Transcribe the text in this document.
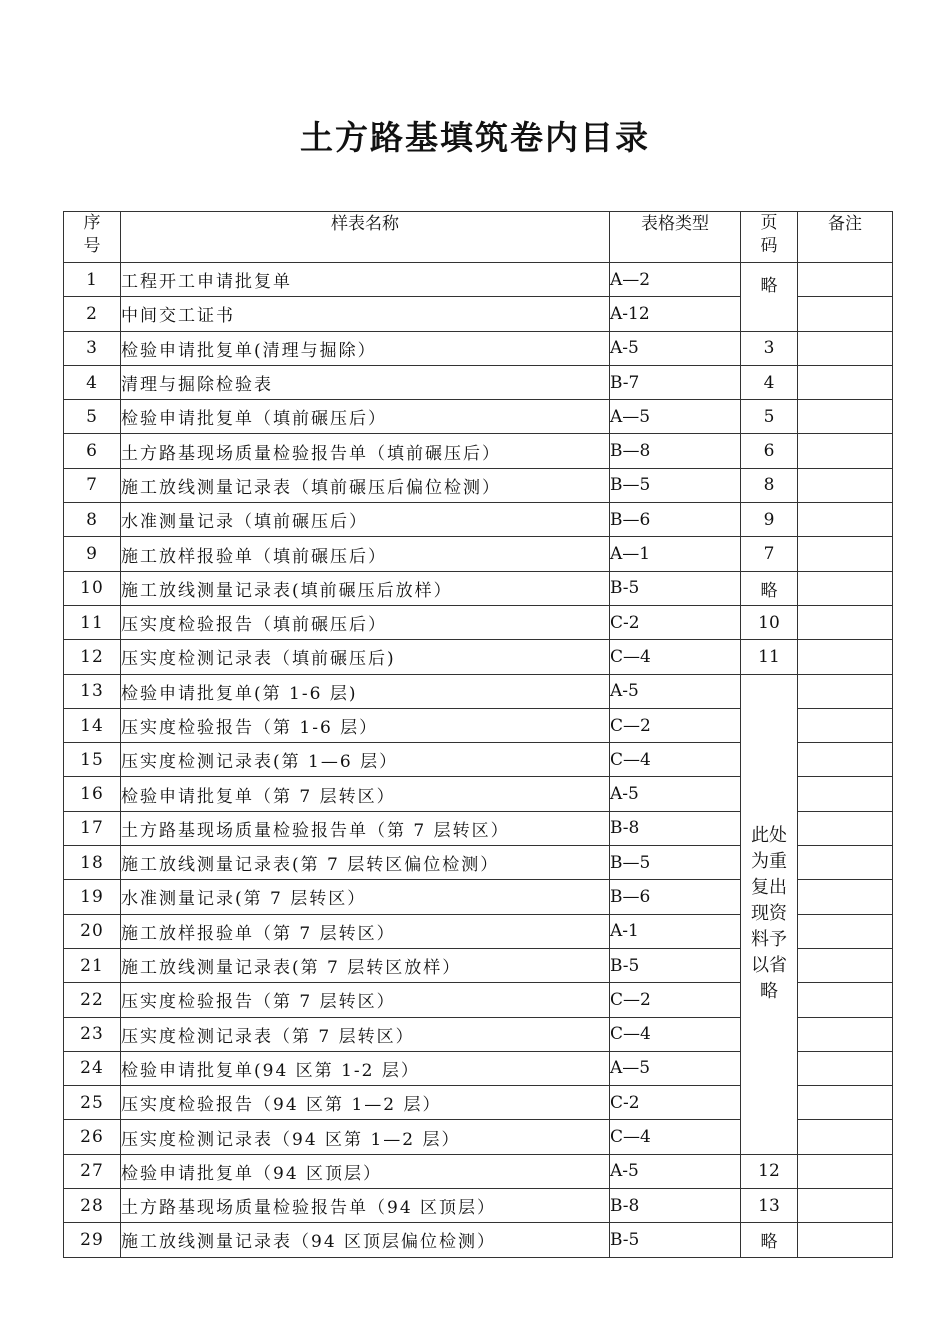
土方路基填筑卷内目录
序号	样表名称	表格类型	页码	备注
1	工程开工申请批复单	A—2	略	
2	中间交工证书	A-12		
3	检验申请批复单(清理与掘除）	A-5	3	
4	清理与掘除检验表	B-7	4	
5	检验申请批复单（填前碾压后）	A—5	5	
6	土方路基现场质量检验报告单（填前碾压后）	B—8	6	
7	施工放线测量记录表（填前碾压后偏位检测）	B—5	8	
8	水准测量记录（填前碾压后）	B—6	9	
9	施工放样报验单（填前碾压后）	A—1	7	
10	施工放线测量记录表(填前碾压后放样）	B-5	略	
11	压实度检验报告（填前碾压后）	C-2	10	
12	压实度检测记录表（填前碾压后)	C—4	11	
13	检验申请批复单(第 1-6 层)	A-5	此处为重复出现资料予以省略	

14	压实度检验报告（第 1-6 层）	C—2		
15	压实度检测记录表(第 1—6 层）	C—4		
16	检验申请批复单（第 7 层转区）	A-5		
17	土方路基现场质量检验报告单（第 7 层转区）	B-8		
18	施工放线测量记录表(第 7 层转区偏位检测）	B—5		
19	水准测量记录(第 7 层转区）	B—6		
20	施工放样报验单（第 7 层转区）	A-1		
21	施工放线测量记录表(第 7 层转区放样）	B-5		
22	压实度检验报告（第 7 层转区）	C—2		
23	压实度检测记录表（第 7 层转区）	C—4		
24	检验申请批复单(94 区第 1-2 层）	A—5		
25	压实度检验报告（94 区第 1—2 层）	C-2		
26	压实度检测记录表（94 区第 1—2 层）	C—4		
27	检验申请批复单（94 区顶层）	A-5	12	
28	土方路基现场质量检验报告单（94 区顶层）	B-8	13	
29	施工放线测量记录表（94 区顶层偏位检测）	B-5	略	
